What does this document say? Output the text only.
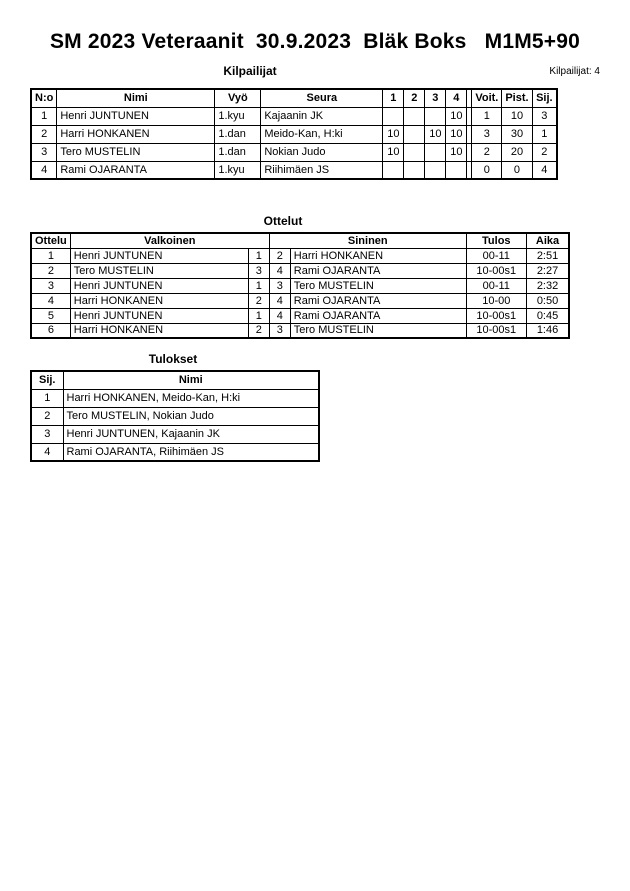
SM 2023 Veteraanit  30.9.2023  Bläk Boks   M1M5+90
Kilpailijat	Kilpailijat: 4
N:o	Nimi	Vyö	Seura	1	2	3	4		Voit.	Pist.	Sij.
1	Henri JUNTUNEN	1.kyu	Kajaanin JK				10		1	10	3
2	Harri HONKANEN	1.dan	Meido-Kan, H:ki	10		10	10		3	30	1
3	Tero MUSTELIN	1.dan	Nokian Judo	10			10		2	20	2
4	Rami OJARANTA	1.kyu	Riihimäen JS						0	0	4
Ottelut
Ottelu	Valkoinen		Sininen		Tulos	Aika
1	Henri JUNTUNEN	1	2	Harri HONKANEN	00-11	2:51
2	Tero MUSTELIN	3	4	Rami OJARANTA	10-00s1	2:27
3	Henri JUNTUNEN	1	3	Tero MUSTELIN	00-11	2:32
4	Harri HONKANEN	2	4	Rami OJARANTA	10-00	0:50
5	Henri JUNTUNEN	1	4	Rami OJARANTA	10-00s1	0:45
6	Harri HONKANEN	2	3	Tero MUSTELIN	10-00s1	1:46
Tulokset
Sij.	Nimi
1	Harri HONKANEN, Meido-Kan, H:ki
2	Tero MUSTELIN, Nokian Judo
3	Henri JUNTUNEN, Kajaanin JK
4	Rami OJARANTA, Riihimäen JS
